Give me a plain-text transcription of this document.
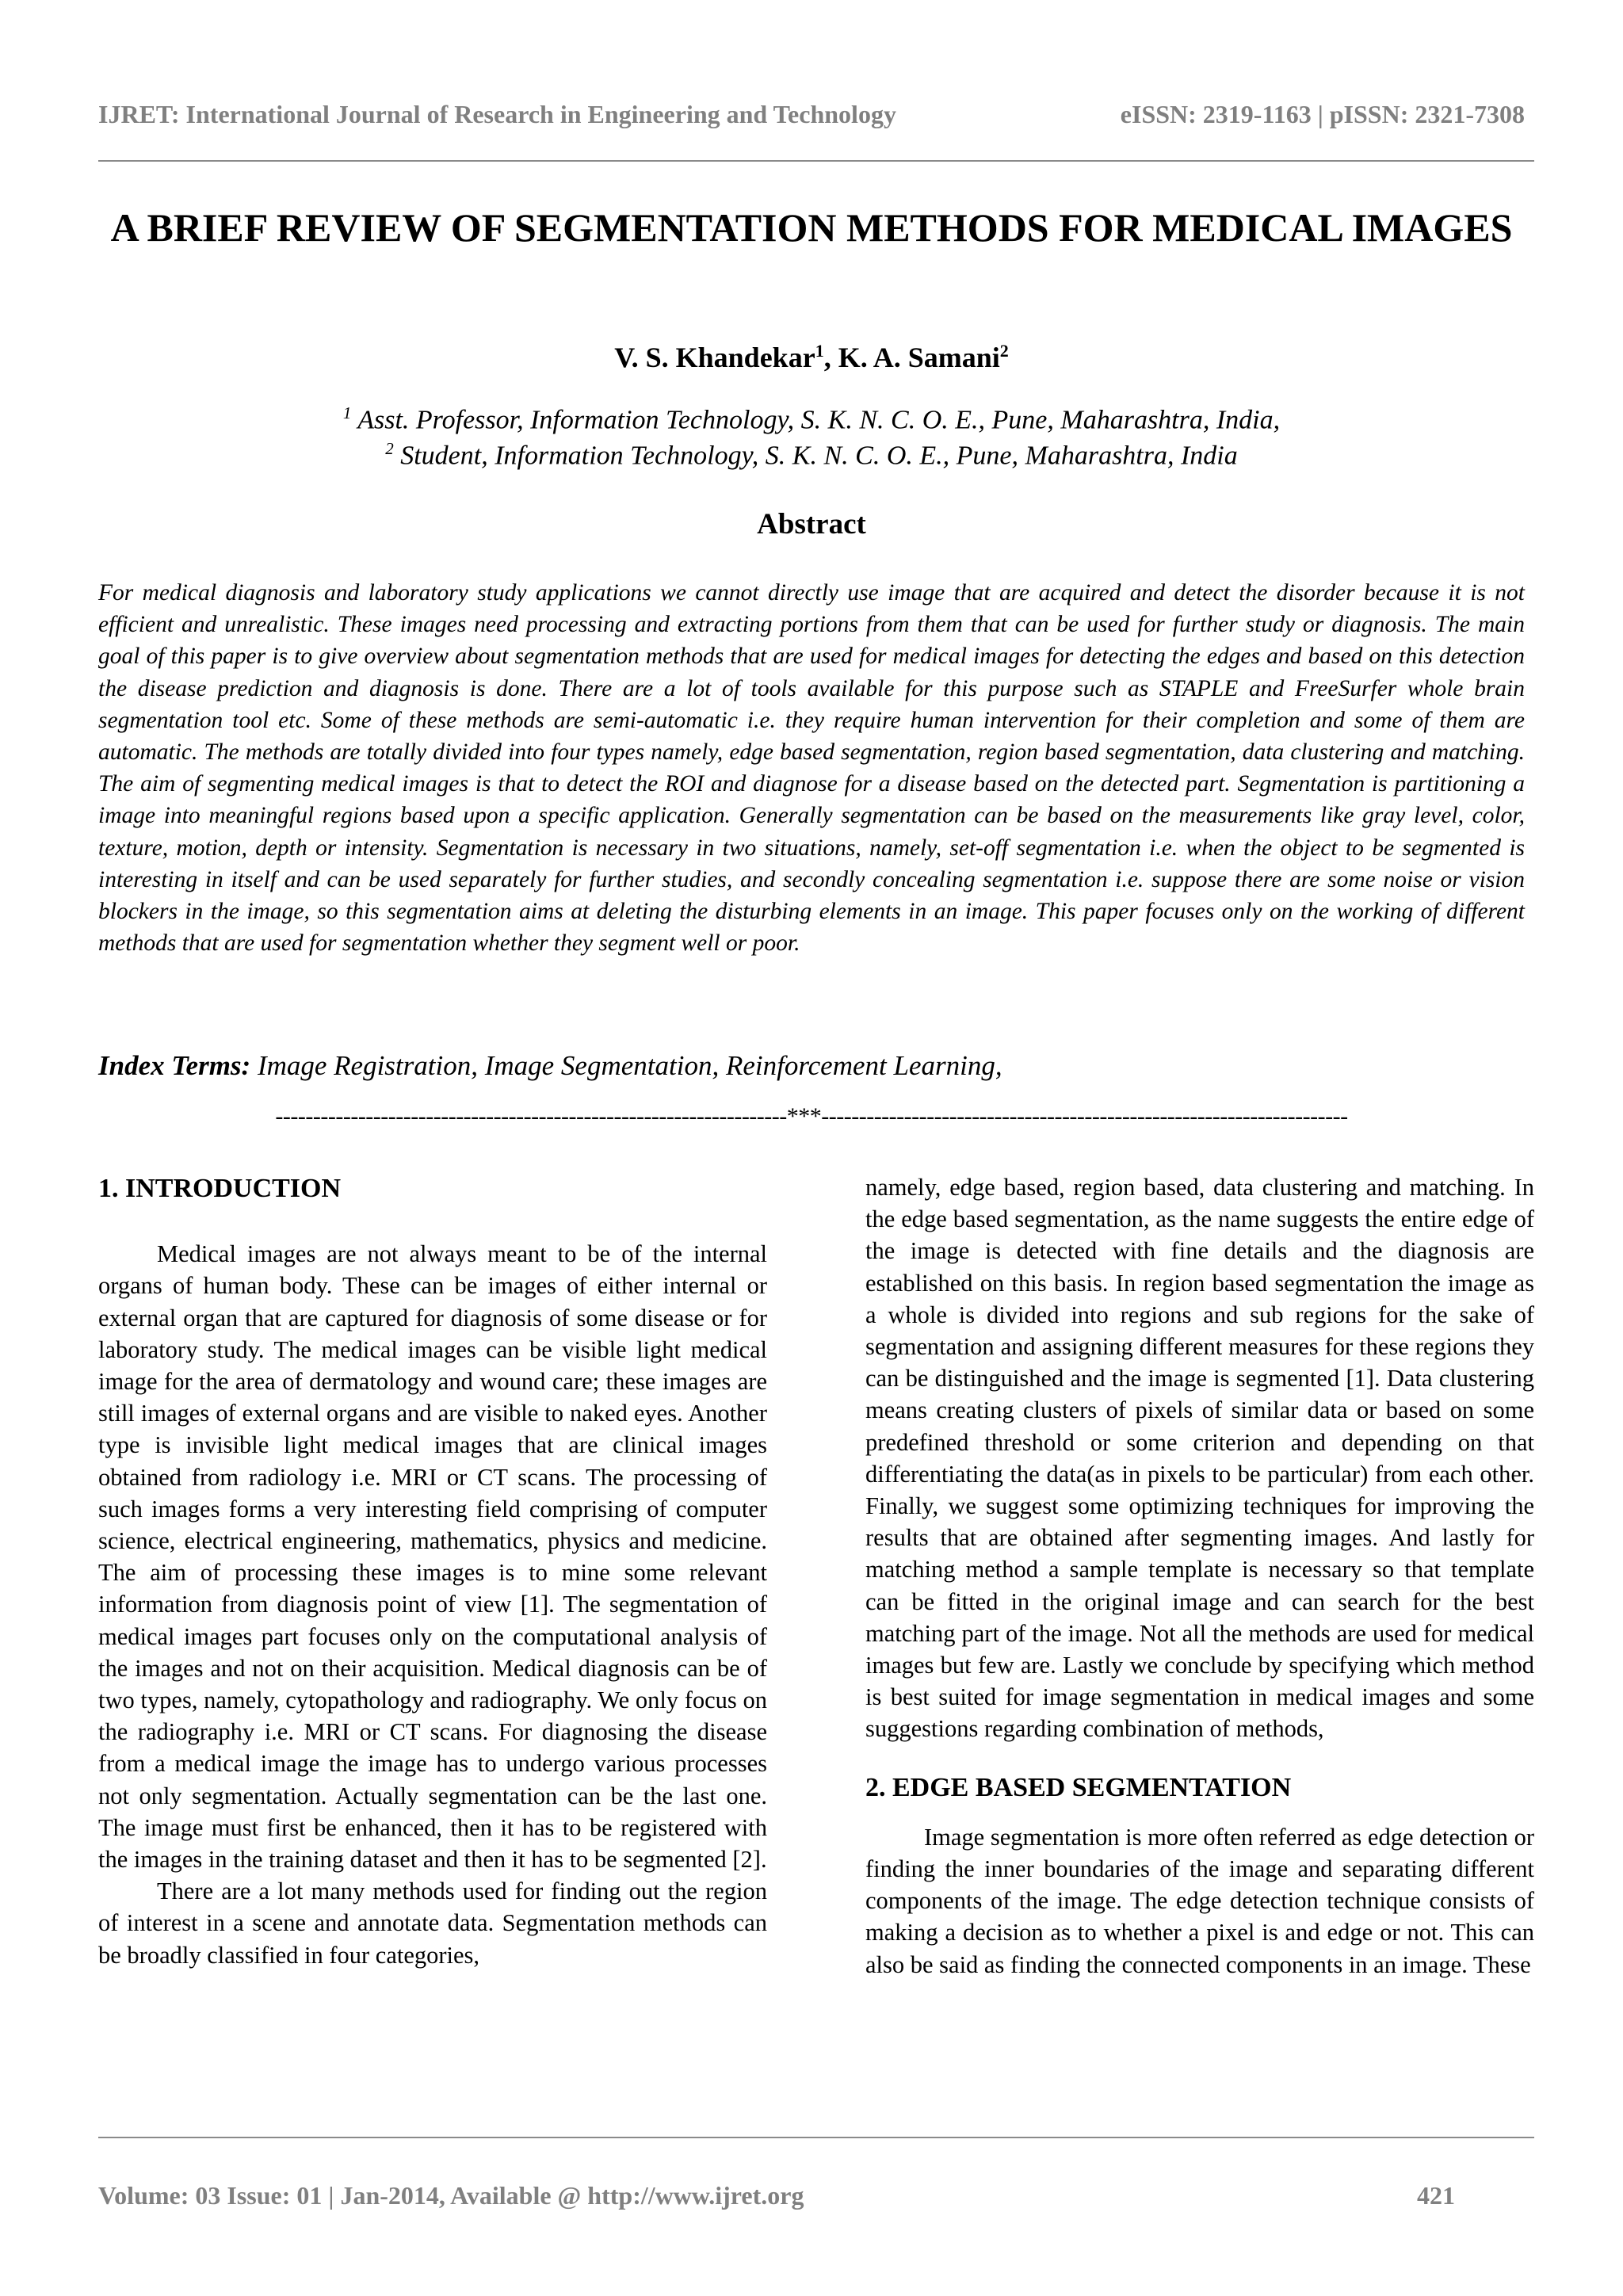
IJRET: International Journal of Research in Engineering and Technology	eISSN: 2319-1163 | pISSN: 2321-7308
A BRIEF REVIEW OF SEGMENTATION METHODS FOR MEDICAL IMAGES
V. S. Khandekar$^1$, K. A. Samani$^2$
$^1$ Asst. Professor, Information Technology, S. K. N. C. O. E., Pune, Maharashtra, India,
$^2$ Student, Information Technology, S. K. N. C. O. E., Pune, Maharashtra, India
Abstract
For medical diagnosis and laboratory study applications we cannot directly use image that are acquired and detect the disorder because it is not efficient and unrealistic. These images need processing and extracting portions from them that can be used for further study or diagnosis. The main goal of this paper is to give overview about segmentation methods that are used for medical images for detecting the edges and based on this detection the disease prediction and diagnosis is done. There are a lot of tools available for this purpose such as STAPLE and FreeSurfer whole brain segmentation tool etc. Some of these methods are semi-automatic i.e. they require human intervention for their completion and some of them are automatic. The methods are totally divided into four types namely, edge based segmentation, region based segmentation, data clustering and matching. The aim of segmenting medical images is that to detect the ROI and diagnose for a disease based on the detected part. Segmentation is partitioning a image into meaningful regions based upon a specific application. Generally segmentation can be based on the measurements like gray level, color, texture, motion, depth or intensity. Segmentation is necessary in two situations, namely, set-off segmentation i.e. when the object to be segmented is interesting in itself and can be used separately for further studies, and secondly concealing segmentation i.e. suppose there are some noise or vision blockers in the image, so this segmentation aims at deleting the disturbing elements in an image. This paper focuses only on the working of different methods that are used for segmentation whether they segment well or poor.
Index Terms: Image Registration, Image Segmentation, Reinforcement Learning,
--------------------------------------------------------------------***----------------------------------------------------------------------
1. INTRODUCTION

Medical images are not always meant to be of the internal organs of human body. These can be images of either internal or external organ that are captured for diagnosis of some disease or for laboratory study. The medical images can be visible light medical image for the area of dermatology and wound care; these images are still images of external organs and are visible to naked eyes. Another type is invisible light medical images that are clinical images obtained from radiology i.e. MRI or CT scans. The processing of such images forms a very interesting field comprising of computer science, electrical engineering, mathematics, physics and medicine. The aim of processing these images is to mine some relevant information from diagnosis point of view [1]. The segmentation of medical images part focuses only on the computational analysis of the images and not on their acquisition. Medical diagnosis can be of two types, namely, cytopathology and radiography. We only focus on the radiography i.e. MRI or CT scans. For diagnosing the disease from a medical image the image has to undergo various processes not only segmentation. Actually segmentation can be the last one. The image must first be enhanced, then it has to be registered with the images in the training dataset and then it has to be segmented [2].

There are a lot many methods used for finding out the region of interest in a scene and annotate data. Segmentation methods can be broadly classified in four categories,

namely, edge based, region based, data clustering and matching. In the edge based segmentation, as the name suggests the entire edge of the image is detected with fine details and the diagnosis are established on this basis. In region based segmentation the image as a whole is divided into regions and sub regions for the sake of segmentation and assigning different measures for these regions they can be distinguished and the image is segmented [1]. Data clustering means creating clusters of pixels of similar data or based on some predefined threshold or some criterion and depending on that differentiating the data(as in pixels to be particular) from each other. Finally, we suggest some optimizing techniques for improving the results that are obtained after segmenting images. And lastly for matching method a sample template is necessary so that template can be fitted in the original image and can search for the best matching part of the image. Not all the methods are used for medical images but few are. Lastly we conclude by specifying which method is best suited for image segmentation in medical images and some suggestions regarding combination of methods,

2. EDGE BASED SEGMENTATION

Image segmentation is more often referred as edge detection or finding the inner boundaries of the image and separating different components of the image. The edge detection technique consists of making a decision as to whether a pixel is and edge or not. This can also be said as finding the connected components in an image. These

Volume: 03 Issue: 01 | Jan-2014, Available @ http://www.ijret.org	421
